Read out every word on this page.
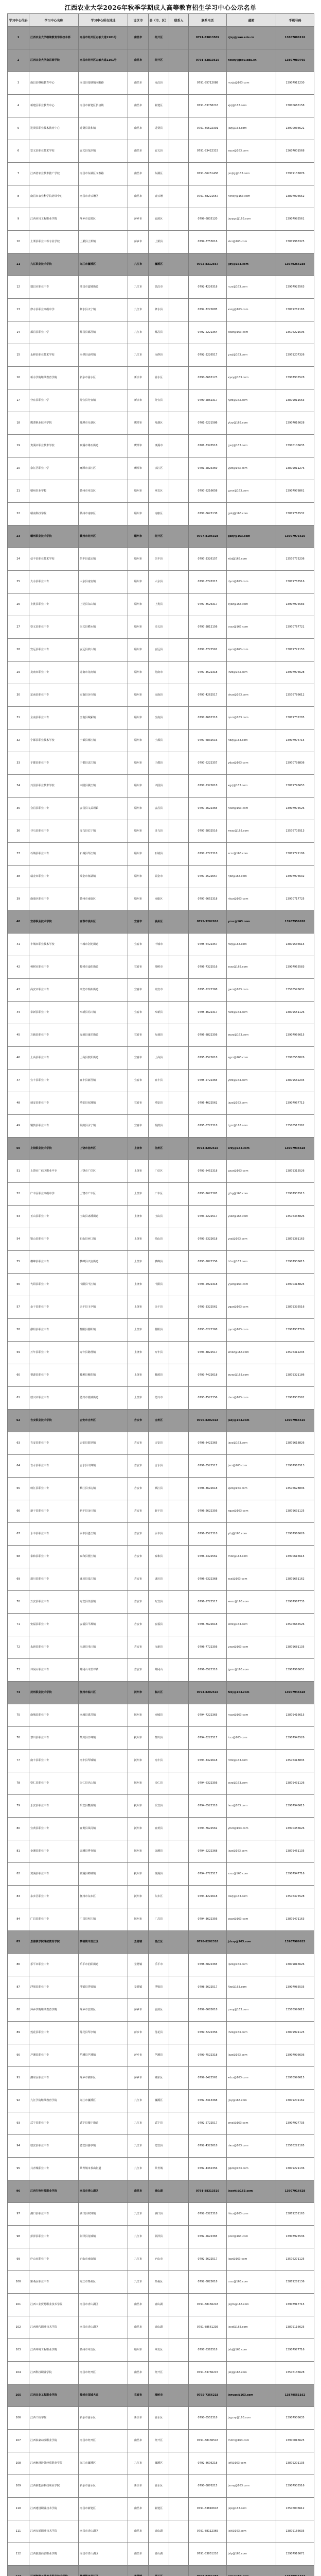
江西农业大学2026年秋季学期成人高等教育招生学习中心公示名单
学习中心代码	学习中心名称	学习中心所在地址	设区市	县（市、区）	联系人	联系电话	邮箱	手机号码
1	江西农业大学继续教育学院校本部	南昌市经开区志敏大道1101号	南昌市	经开区		0791-83813509	cjxy@jxau.edu.cn	13807088126
2	江西农业大学南昌商学院	南昌市经开区志敏大道1101号	南昌市	经开区		0791-83813616	ncsxy@jxau.edu.cn	13807080765
3	南昌县继续教育中心	南昌县莲塘镇向阳路	南昌市	南昌县		0791-85712088	ncxjy@163.com	13907912230
4	新建区职业教育中心	南昌市新建区长堎镇	南昌市	新建区		0791-83758216	xjzj@163.com	13870666158
5	进贤县职业技术教育中心	进贤县民和镇	南昌市	进贤县		0791-85622301	jxzj@163.com	13970036621
6	安义县职业技术学校	安义县龙津镇	南昌市	安义县		0791-83422315	ayzx@163.com	13607001568
7	江西省农业技术推广学校	南昌市东湖区文教路	南昌市	东湖区		0791-86251436	jxnjtg@163.com	13979135876
8	南昌市农业科学院培训中心	南昌市青云谱区	南昌市	青云谱		0791-88221567	ncnky@163.com	13807096652
9	江西应用工程职业学院	萍乡市安源区	萍乡市	安源区		0799-6835120	jxyygc@163.com	13907992561
10	上栗县职业中等专业学校	上栗县上栗镇	萍乡市	上栗县		0799-3753016	slzz@163.com	13879966325
11	九江职业技术学院	九江市濂溪区	九江市	濂溪区		0792-8312567	jjzy@163.com	13979266238
12	瑞昌市职业中专	瑞昌市湓城街道	九江市	瑞昌市		0792-4226318	rczz@163.com	13907925563
13	修水县职业高级中学	修水县义宁镇	九江市	修水县		0792-7222685	xszg@163.com	13879281165
14	都昌县职业中学	都昌县都昌镇	九江市	都昌县		0792-5221364	dczz@163.com	13576221596
15	永修县职业技术学校	永修县涂埠镇	九江市	永修县		0792-3226517	yxzj@163.com	13979207326
16	新余学院继续教育学院	新余市渝水区	新余市	渝水区		0790-6665123	xyxy@163.com	13907905528
17	分宜县职业中学	分宜县分宜镇	新余市	分宜县		0790-5862317	fyzz@163.com	13879011563
18	鹰潭职业技术学院	鹰潭市月湖区	鹰潭市	月湖区		0701-6221586	ytzy@163.com	13907016628
19	贵溪市职业技术学校	贵溪市雄石街道	鹰潭市	贵溪市		0701-3326518	gxzj@163.com	13970106635
20	余江区职业中学	鹰潭市余江区	鹰潭市	余江区		0701-5825369	yjzz@163.com	13879011276
21	赣州农业学校	赣州市章贡区	赣州市	章贡区		0797-8216658	gznx@163.com	13907978861
22	赣南科技学院	赣州市南康区	赣州市	南康区		0797-6625138	gnkj@163.com	13879765532
23	赣州职业技术学院	赣州市经开区	赣州市	经开区		0797-8106328	gzzy@163.com	13907971625
24	信丰县职业技术学校	信丰县嘉定镇	赣州市	信丰县		0797-3326157	xfzj@163.com	13576775236
25	大余县职业中专	大余县南安镇	赣州市	大余县		0797-8726315	dyzz@163.com	13879785516
26	上犹县职业中专	上犹县东山镇	赣州市	上犹县		0797-8526317	syzz@163.com	13907975583
27	崇义县职业中专	崇义县横水镇	赣州市	崇义县		0797-3812156	cyzz@163.com	13970767721
28	安远县职业中专	安远县欣山镇	赣州市	安远县		0797-3722561	ayzz@163.com	13879721153
29	龙南市职业中专	龙南市龙南镇	赣州市	龙南市		0797-3522318	lnzz@163.com	13907976628
30	定南县职业中专	定南县历市镇	赣州市	定南县		0797-4262517	dnzz@163.com	13576786612
31	全南县职业中专	全南县城厢镇	赣州市	全南县		0797-2662318	qnzz@163.com	13879732285
32	宁都县职业技术学校	宁都县梅江镇	赣州市	宁都县		0797-6832516	ndzj@163.com	13907976715
33	于都县职业中专	于都县贡江镇	赣州市	于都县		0797-6222357	ydzz@163.com	13970798836
34	兴国县职业技术学校	兴国县潋江镇	赣州市	兴国县		0797-5322618	xgzj@163.com	13879796653
35	会昌县职业中专	会昌县文武坝镇	赣州市	会昌县		0797-5622365	hczz@163.com	13907975526
36	寻乌县职业中专	寻乌县长宁镇	赣州市	寻乌县		0797-2832516	xwzz@163.com	13576705513
37	石城县职业中专	石城县琴江镇	赣州市	石城县		0797-5722318	sczz@163.com	13879721186
38	瑞金市职业中专	瑞金市象湖镇	赣州市	瑞金市		0797-2522657	rjzz@163.com	13907976632
39	南康区职业中专	赣州市南康区	赣州市	南康区		0797-6652318	nkzz@163.com	13970717725
40	宜春职业技术学院	宜春市袁州区	宜春市	袁州区		0795-3202816	ycvc@163.com	13907956628
41	丰城市职业技术学校	丰城市剑光街道	宜春市	丰城市		0795-6422357	fczj@163.com	13879536615
42	樟树市职业中专	樟树市淦阳街道	宜春市	樟树市		0795-7322516	zszz@163.com	13907955583
43	高安市职业中专	高安市瑞州街道	宜春市	高安市		0795-5222368	gazz@163.com	13576526631
44	奉新县职业中专	奉新县冯川镇	宜春市	奉新县		0795-4622317	fxzz@163.com	13879551126
45	万载县职业中专	万载县康乐街道	宜春市	万载县		0795-8822356	wzzz@163.com	13907956615
46	上高县职业中专	上高县敖阳街道	宜春市	上高县		0795-2522618	sgzz@163.com	13970558826
47	宜丰县职业中专	宜丰县新昌镇	宜春市	宜丰县		0795-2722365	yfzz@163.com	13879562235
48	靖安县职业中专	靖安县双溪镇	宜春市	靖安县		0795-4622561	jazz@163.com	13907957713
49	铜鼓县职业中专	铜鼓县永宁镇	宜春市	铜鼓县		0795-8722318	tgzz@163.com	13576513362
50	上饶职业技术学院	上饶市信州区	上饶市	信州区		0793-8202516	srzy@163.com	13907936628
51	上饶市广信区职业中专	上饶市广信区	上饶市	广信区		0793-8452318	gxzz@163.com	13879315526
52	广丰区职业高级中学	上饶市广丰区	上饶市	广丰区		0793-2622365	gfzg@163.com	13907935513
53	玉山县职业中专	玉山县冰溪街道	上饶市	玉山县		0793-2222517	yszz@163.com	13576338826
54	铅山县职业中专	铅山县河口镇	上饶市	铅山县		0793-5322618	yszj@163.com	13879381163
55	横峰县职业中专	横峰县兴安街道	上饶市	横峰县		0793-5822356	hfzz@163.com	13907936615
56	弋阳县职业中专	弋阳县弋江镇	上饶市	弋阳县		0793-5922318	yyzz@163.com	13970318825
57	余干县职业中专	余干县玉亭镇	上饶市	余干县		0793-3322561	ygzz@163.com	13879395516
58	鄱阳县职业中专	鄱阳县鄱阳镇	上饶市	鄱阳县		0793-6222368	pyzz@163.com	13907937726
59	万年县职业中专	万年县陈营镇	上饶市	万年县		0793-3822517	wnzz@163.com	13576312235
60	婺源县职业中专	婺源县紫阳镇	上饶市	婺源县		0793-7422618	wyzz@163.com	13879321186
61	德兴市职业中专	德兴市银城街道	上饶市	德兴市		0793-7522356	dxzz@163.com	13907935562
62	吉安职业技术学院	吉安市吉州区	吉安市	吉州区		0796-8202318	jazy@163.com	13907966615
63	吉安县职业中专	吉安县敦厚镇	吉安市	吉安县		0796-8422365	jaxz@163.com	13879618826
64	吉水县职业中专	吉水县文峰镇	吉安市	吉水县		0796-3522517	jszz@163.com	13907965513
65	峡江县职业中专	峡江县水边镇	吉安市	峡江县		0796-3622618	xjzz@163.com	13576628836
66	新干县职业中专	新干县金川镇	吉安市	新干县		0796-2622356	xgzz@163.com	13879631125
67	永丰县职业中专	永丰县恩江镇	吉安市	永丰县		0796-2522318	yfzj@163.com	13907966626
68	泰和县职业中专	泰和县澄江镇	吉安市	泰和县		0796-5322561	thzz@163.com	13970616615
69	遂川县职业中专	遂川县泉江镇	吉安市	遂川县		0796-6322368	sczj@163.com	13879651162
70	万安县职业中专	万安县芙蓉镇	吉安市	万安县		0796-5722517	wazz@163.com	13907967735
71	安福县职业中专	安福县平都镇	吉安市	安福县		0796-7622618	afzz@163.com	13576665526
72	永新县职业中专	永新县禾川镇	吉安市	永新县		0796-7722356	yxzz@163.com	13879681135
73	井冈山职业中专	井冈山市茨坪镇	吉安市	井冈山		0796-6522318	jgszz@163.com	13907966651
74	抚州职业技术学院	抚州市临川区	抚州市	临川区		0794-8202516	fzzy@163.com	13907946628
75	南城县职业中专	南城县建昌镇	抚州市	南城县		0794-7222365	nczz@163.com	13879416615
76	黎川县职业中专	黎川县日峰镇	抚州市	黎川县		0794-3222517	lczz@163.com	13907945526
77	南丰县职业中专	南丰县琴城镇	抚州市	南丰县		0794-3322618	nfzz@163.com	13576418835
78	崇仁县职业中专	崇仁县巴山镇	抚州市	崇仁县		0794-6322356	crzz@163.com	13879431126
79	乐安县职业中专	乐安县鳌溪镇	抚州市	乐安县		0794-6522318	lazz@163.com	13907946615
80	宜黄县职业中专	宜黄县凤冈镇	抚州市	宜黄县		0794-7622561	yhzz@163.com	13970456626
81	金溪县职业中专	金溪县秀谷镇	抚州市	金溪县		0794-5222368	jxzz@163.com	13879451135
82	资溪县职业中专	资溪县鹤城镇	抚州市	资溪县		0794-5722517	zxzz@163.com	13907947716
83	东乡区职业中专	抚州市东乡区	抚州市	东乡区		0794-4222618	dxzj@163.com	13576475528
84	广昌县职业中专	广昌县旴江镇	抚州市	广昌县		0794-3622356	gczz@163.com	13879471163
85	景德镇学院继续教育学院	景德镇市昌江区	景德镇	昌江区		0798-8202318	jdzxy@163.com	13907986615
86	乐平市职业中专	乐平市洎阳街道	景德镇	乐平市		0798-6822365	lpzz@163.com	13879816626
87	浮梁县职业中专	浮梁县浮梁镇	景德镇	浮梁县		0798-2622517	flzz@163.com	13907985535
88	萍乡学院继续教育学院	萍乡市安源区	萍乡市	安源区		0799-6682618	pxxy@163.com	13576996612
89	莲花县职业中专	莲花县琴亭镇	萍乡市	莲花县		0799-7222356	lhzz@163.com	13879991125
90	芦溪县职业中专	芦溪县芦溪镇	萍乡市	芦溪县		0799-7522318	lxzz@163.com	13907996636
91	湘东区职业中专	萍乡市湘东区	萍乡市	湘东区		0799-3422561	xdzz@163.com	13970996615
92	九江学院继续教育学院	九江市濂溪区	九江市	濂溪区		0792-8313368	jjxy@163.com	13879201162
93	武宁县职业中专	武宁县豫宁街道	九江市	武宁县		0792-2722517	wnzj@163.com	13907927735
94	德安县职业中专	德安县蒲亭镇	九江市	德安县		0792-4322618	dazz@163.com	13576221165
95	共青城职业中专	共青城市茶山街道	九江市	共青城		0792-4362356	gqzz@163.com	13879221136
96	江西生物科技职业学院	南昌市青山湖区	南昌市	青山湖		0791-88313516	jxswkj@163.com	13907916628
97	湖口县职业中专	湖口县双钟镇	九江市	湖口县		0792-6322318	hkzz@163.com	13879251163
98	彭泽县职业中专	彭泽县龙城镇	九江市	彭泽县		0792-5622365	pzzz@163.com	13907925536
99	庐山市职业中专	庐山市南康镇	九江市	庐山市		0792-2622517	lszz@163.com	13576271125
100	柴桑区职业中专	九江市柴桑区	九江市	柴桑区		0792-6822618	cszz@163.com	13879281136
101	江西工业贸易职业技术学院	南昌市青山湖区	南昌市	青山湖		0791-88156218	jxgm@163.com	13907917715
102	江西现代职业技术学院	南昌市青山湖区	南昌市	青山湖		0791-88561236	jxxd@163.com	13879116625
103	江西环境工程职业学院	赣州市章贡区	赣州市	章贡区		0797-8362518	jxhj@163.com	13907977716
104	江西科技职业学院	南昌市经开区	南昌市	经开区		0791-83766215	jxkj@163.com	13576136628
105	江西农业工程职业学院	樟树市福城大道	宜春市	樟树市		0795-7356218	jxnygc@163.com	13879551162
106	江西工程学院	新余市渝水区	新余市	渝水区		0790-6552318	jxgcxy@163.com	13907906635
107	江西泰豪动漫职业学院	南昌市经开区	南昌市	经开区		0791-88136516	thdm@163.com	13970016625
108	江西枫林涉外经贸职业学院	九江市濂溪区	九江市	濂溪区		0792-8606218	jxfl@163.com	13879201135
109	江西新能源科技职业学院	新余市渝水区	新余市	渝水区		0790-6876215	jxxny@163.com	13907905516
110	江西建设职业技术学院	南昌市新建区	南昌市	新建区		0791-83810618	jxjs@163.com	13576006612
111	江西交通职业技术学院	南昌市青山湖区	南昌市	青山湖		0791-88112365	jxjt@163.com	13879166635
112	江西旅游商贸职业学院	南昌市青山湖区	南昌市	青山湖		0791-83851216	jxly@163.com	13907916671
